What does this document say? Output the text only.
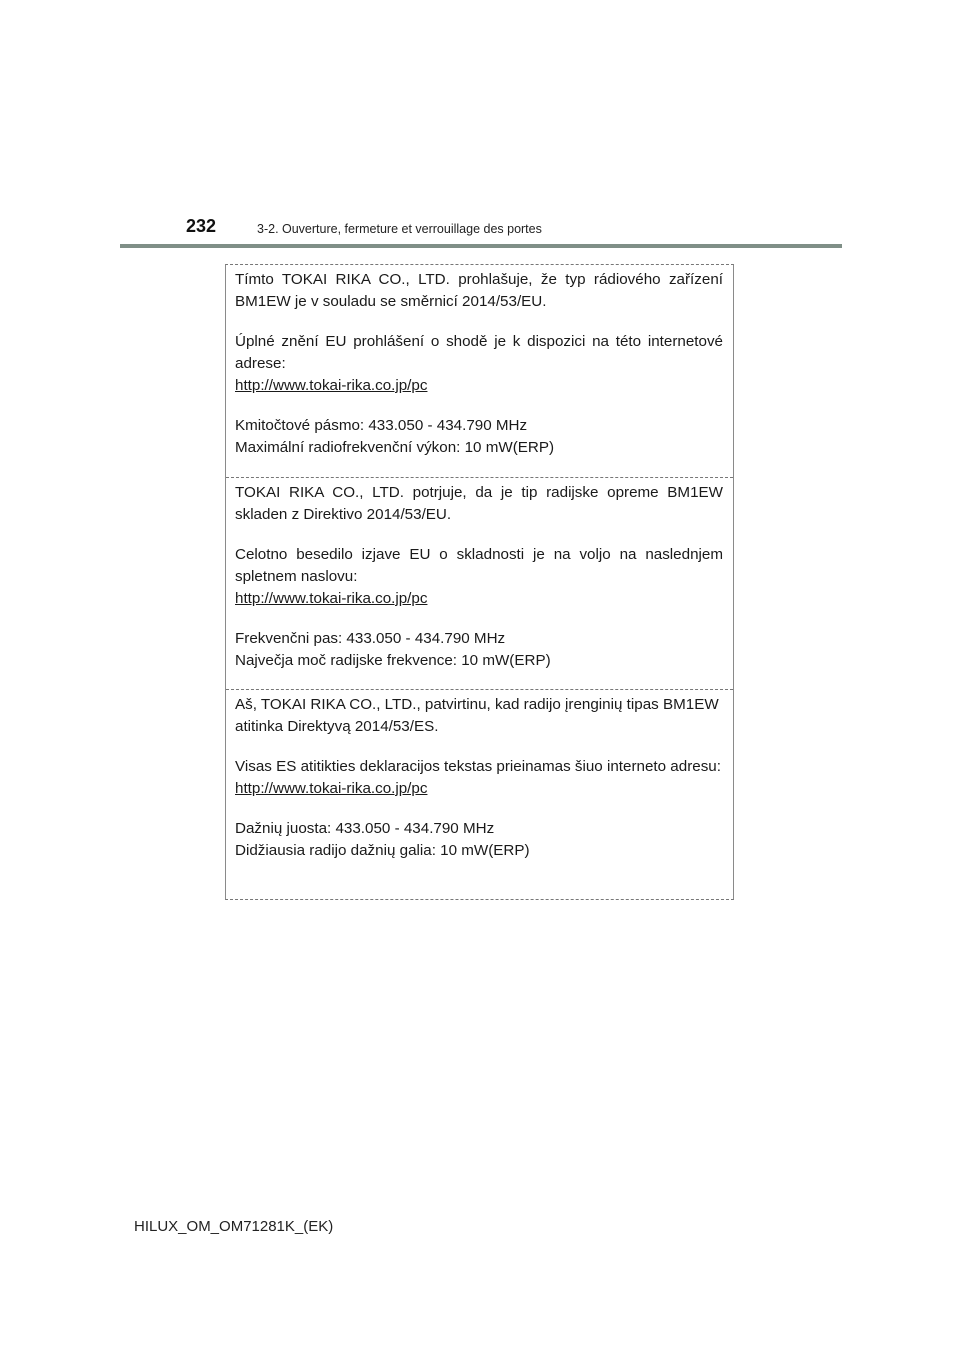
232	3-2. Ouverture, fermeture et verrouillage des portes

Tímto TOKAI RIKA CO., LTD. prohlašuje, že typ rádiového zařízení BM1EW je v souladu se směrnicí 2014/53/EU.

Úplné znění EU prohlášení o shodě je k dispozici na této internetové adrese:

http://www.tokai-rika.co.jp/pc

Kmitočtové pásmo: 433.050 - 434.790 MHz

Maximální radiofrekvenční výkon: 10 mW(ERP)

TOKAI RIKA CO., LTD. potrjuje, da je tip radijske opreme BM1EW skladen z Direktivo 2014/53/EU.

Celotno besedilo izjave EU o skladnosti je na voljo na naslednjem spletnem naslovu:

http://www.tokai-rika.co.jp/pc

Frekvenčni pas: 433.050 - 434.790 MHz

Največja moč radijske frekvence: 10 mW(ERP)

Aš, TOKAI RIKA CO., LTD., patvirtinu, kad radijo įrenginių tipas BM1EW atitinka Direktyvą 2014/53/ES.

Visas ES atitikties deklaracijos tekstas prieinamas šiuo interneto adresu:

http://www.tokai-rika.co.jp/pc

Dažnių juosta: 433.050 - 434.790 MHz

Didžiausia radijo dažnių galia: 10 mW(ERP)

HILUX_OM_OM71281K_(EK)
